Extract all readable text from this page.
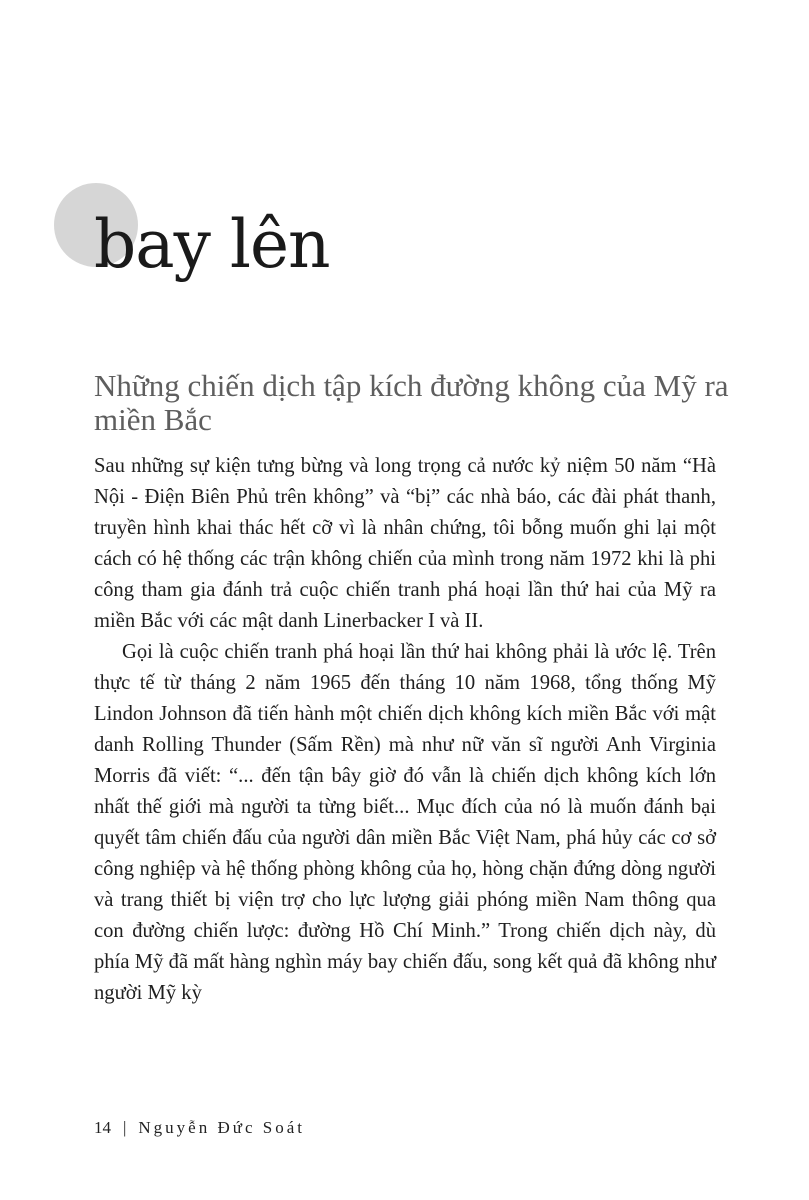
bay lên
Những chiến dịch tập kích đường không của Mỹ ra miền Bắc

Sau những sự kiện tưng bừng và long trọng cả nước kỷ niệm 50 năm “Hà Nội - Điện Biên Phủ trên không” và “bị” các nhà báo, các đài phát thanh, truyền hình khai thác hết cỡ vì là nhân chứng, tôi bỗng muốn ghi lại một cách có hệ thống các trận không chiến của mình trong năm 1972 khi là phi công tham gia đánh trả cuộc chiến tranh phá hoại lần thứ hai của Mỹ ra miền Bắc với các mật danh Linerbacker I và II.

Gọi là cuộc chiến tranh phá hoại lần thứ hai không phải là ước lệ. Trên thực tế từ tháng 2 năm 1965 đến tháng 10 năm 1968, tổng thống Mỹ Lindon Johnson đã tiến hành một chiến dịch không kích miền Bắc với mật danh Rolling Thunder (Sấm Rền) mà như nữ văn sĩ người Anh Virginia Morris đã viết: “... đến tận bây giờ đó vẫn là chiến dịch không kích lớn nhất thế giới mà người ta từng biết... Mục đích của nó là muốn đánh bại quyết tâm chiến đấu của người dân miền Bắc Việt Nam, phá hủy các cơ sở công nghiệp và hệ thống phòng không của họ, hòng chặn đứng dòng người và trang thiết bị viện trợ cho lực lượng giải phóng miền Nam thông qua con đường chiến lược: đường Hồ Chí Minh.” Trong chiến dịch này, dù phía Mỹ đã mất hàng nghìn máy bay chiến đấu, song kết quả đã không như người Mỹ kỳ

14 | Nguyễn Đức Soát
